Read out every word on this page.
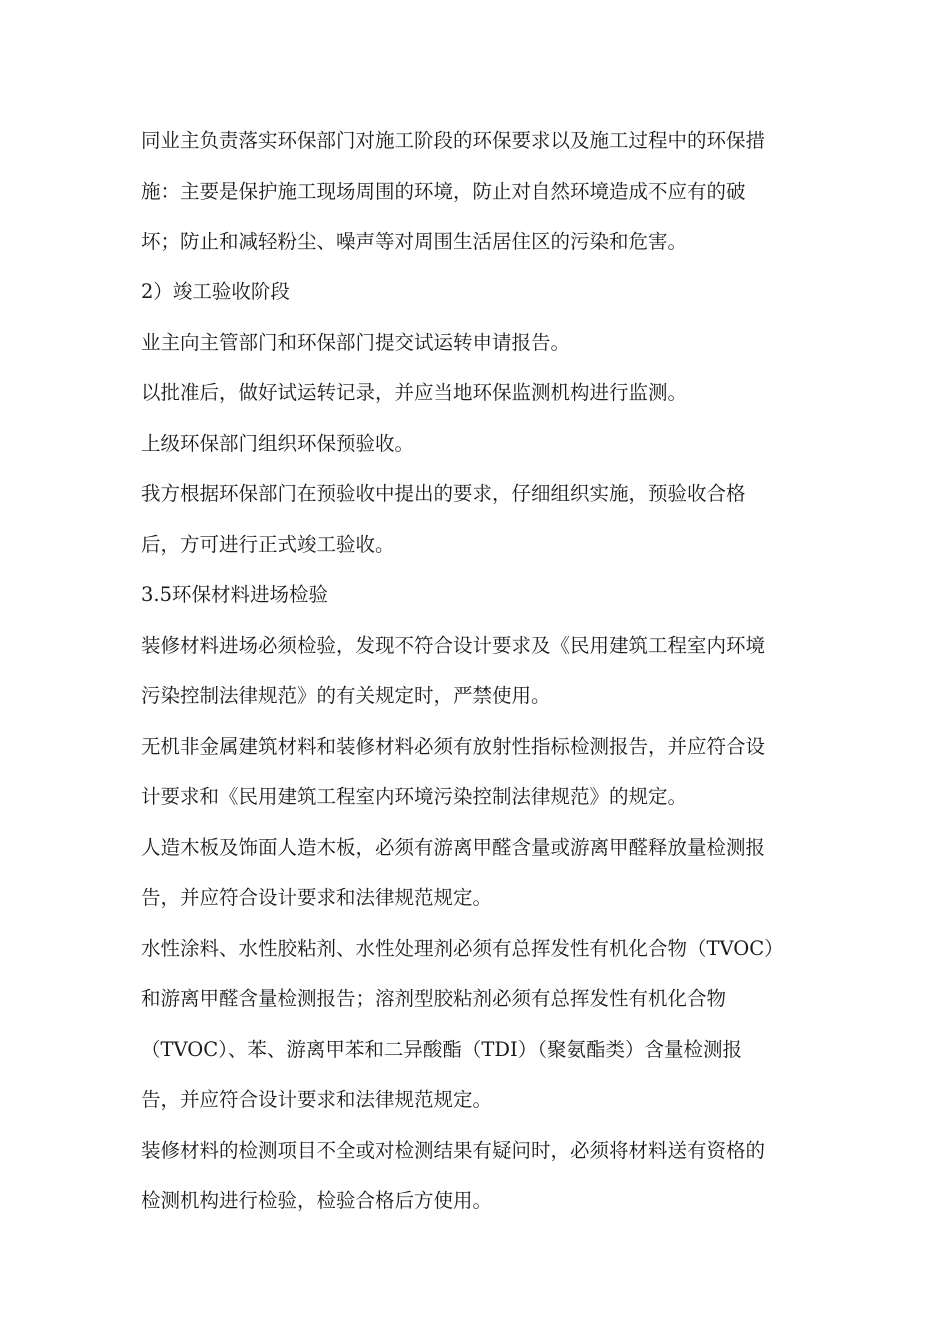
同业主负责落实环保部门对施工阶段的环保要求以及施工过程中的环保措
施：主要是保护施工现场周围的环境，防止对自然环境造成不应有的破
坏；防止和减轻粉尘、噪声等对周围生活居住区的污染和危害。
2）竣工验收阶段
业主向主管部门和环保部门提交试运转申请报告。
以批准后，做好试运转记录，并应当地环保监测机构进行监测。
上级环保部门组织环保预验收。
我方根据环保部门在预验收中提出的要求，仔细组织实施，预验收合格
后，方可进行正式竣工验收。
3.5环保材料进场检验
装修材料进场必须检验，发现不符合设计要求及《民用建筑工程室内环境
污染控制法律规范》的有关规定时，严禁使用。
无机非金属建筑材料和装修材料必须有放射性指标检测报告，并应符合设
计要求和《民用建筑工程室内环境污染控制法律规范》的规定。
人造木板及饰面人造木板，必须有游离甲醛含量或游离甲醛释放量检测报
告，并应符合设计要求和法律规范规定。
水性涂料、水性胶粘剂、水性处理剂必须有总挥发性有机化合物（TVOC）
和游离甲醛含量检测报告；溶剂型胶粘剂必须有总挥发性有机化合物
（TVOC）、苯、游离甲苯和二异酸酯（TDI）（聚氨酯类）含量检测报
告，并应符合设计要求和法律规范规定。
装修材料的检测项目不全或对检测结果有疑问时，必须将材料送有资格的
检测机构进行检验，检验合格后方使用。
